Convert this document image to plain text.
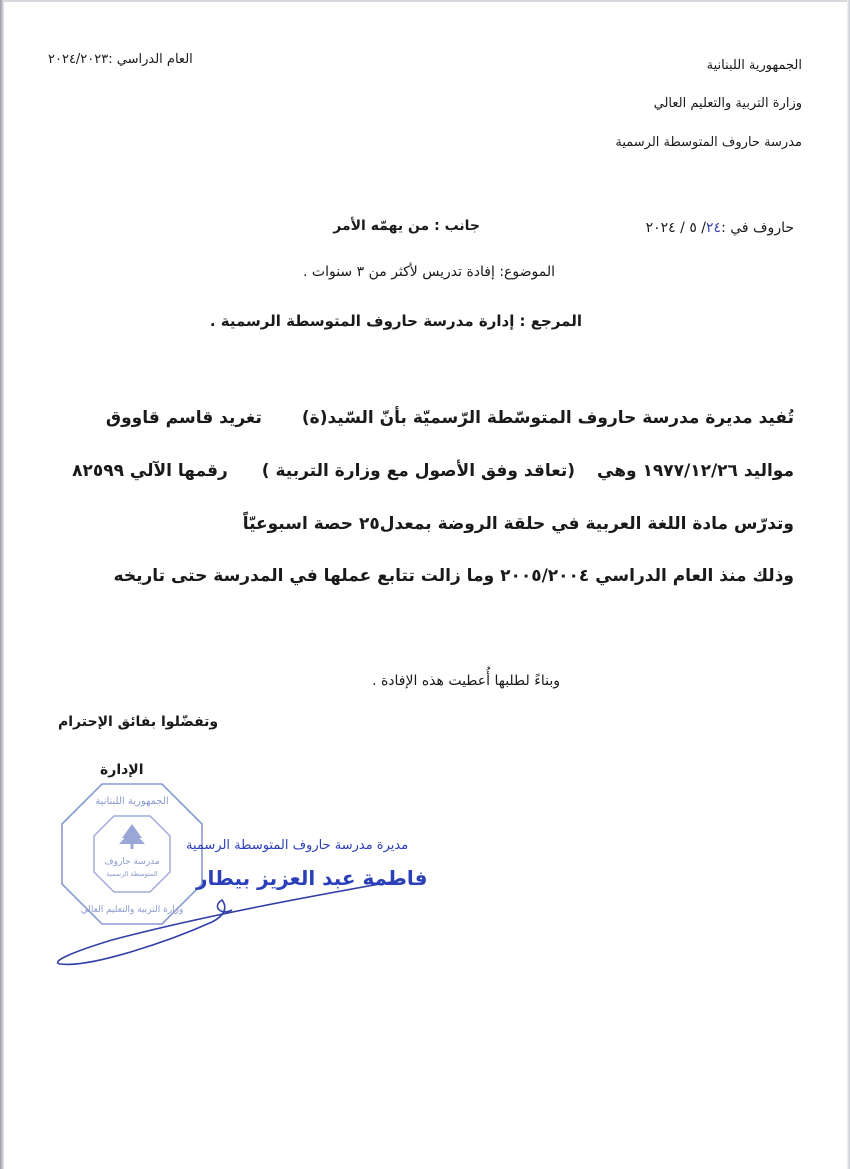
الجمهورية اللبنانية
وزارة التربية والتعليم العالي
مدرسة حاروف المتوسطة الرسمية
العام الدراسي :٢٠٢٤/٢٠٢٣
حاروف في :٢٤/ ٥ / ٢٠٢٤
جانب : من يهمّه الأمر
الموضوع: إفادة تدريس لأكثر من ٣ سنوات .
المرجع : إدارة مدرسة حاروف المتوسطة الرسمية .
تُفيد مديرة مدرسة حاروف المتوسّطة الرّسميّة بأنّ السّيد(ة)تغريد قاسم قاووق
مواليد ١٩٧٧/١٢/٢٦ وهي(تعاقد وفق الأصول مع وزارة التربية )رقمها الآلي ٨٢٥٩٩
وتدرّس مادة اللغة العربية في حلقة الروضة بمعدل٢٥ حصة اسبوعيّاً
وذلك منذ العام الدراسي ٢٠٠٥/٢٠٠٤ وما زالت تتابع عملها في المدرسة حتى تاريخه
وبناءً لطلبها أُعطيت هذه الإفادة .
وتفضّلوا بفائق الإحترام
الإدارة
مدرسة حاروف
المتوسطة الرسمية
الجمهورية اللبنانية
وزارة التربية والتعليم العالي
مديرة مدرسة حاروف المتوسطة الرسمية
فاطمة عبد العزيز بيطار
